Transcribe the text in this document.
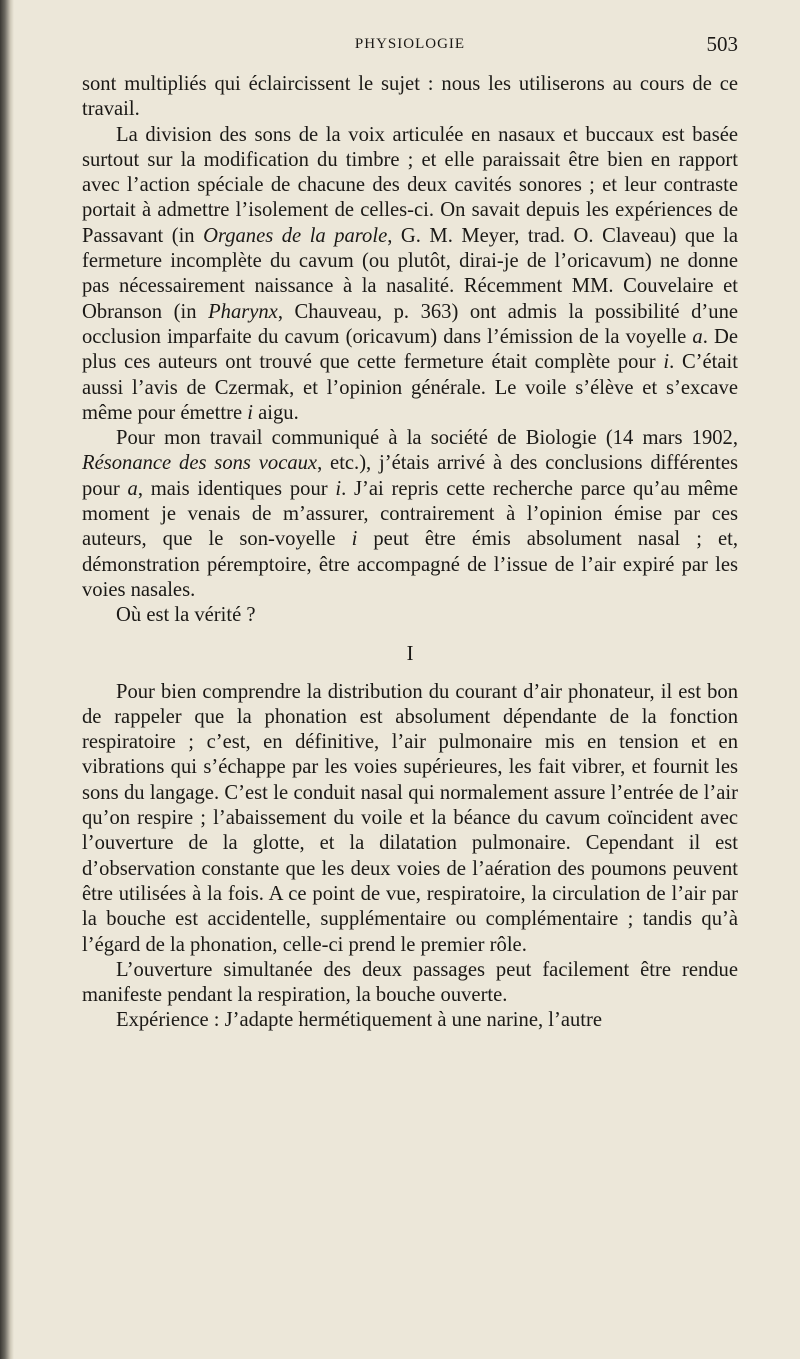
PHYSIOLOGIE	503

sont multipliés qui éclaircissent le sujet : nous les utiliserons au cours de ce travail.

La division des sons de la voix articulée en nasaux et buccaux est basée surtout sur la modification du timbre ; et elle paraissait être bien en rapport avec l’action spéciale de chacune des deux cavités sonores ; et leur contraste portait à admettre l’isolement de celles-ci. On savait depuis les expériences de Passavant (in Organes de la parole, G. M. Meyer, trad. O. Claveau) que la fermeture incomplète du cavum (ou plutôt, dirai-je de l’oricavum) ne donne pas nécessairement naissance à la nasalité. Récemment MM. Couvelaire et Obranson (in Pharynx, Chauveau, p. 363) ont admis la possibilité d’une occlusion imparfaite du cavum (oricavum) dans l’émission de la voyelle a. De plus ces auteurs ont trouvé que cette fermeture était complète pour i. C’était aussi l’avis de Czermak, et l’opinion générale. Le voile s’élève et s’excave même pour émettre i aigu.

Pour mon travail communiqué à la société de Biologie (14 mars 1902, Résonance des sons vocaux, etc.), j’étais arrivé à des conclusions différentes pour a, mais identiques pour i. J’ai repris cette recherche parce qu’au même moment je venais de m’assurer, contrairement à l’opinion émise par ces auteurs, que le son-voyelle i peut être émis absolument nasal ; et, démonstration péremptoire, être accompagné de l’issue de l’air expiré par les voies nasales.

Où est la vérité ?

I

Pour bien comprendre la distribution du courant d’air phonateur, il est bon de rappeler que la phonation est absolument dépendante de la fonction respiratoire ; c’est, en définitive, l’air pulmonaire mis en tension et en vibrations qui s’échappe par les voies supérieures, les fait vibrer, et fournit les sons du langage. C’est le conduit nasal qui normalement assure l’entrée de l’air qu’on respire ; l’abaissement du voile et la béance du cavum coïncident avec l’ouverture de la glotte, et la dilatation pulmonaire. Cependant il est d’observation constante que les deux voies de l’aération des poumons peuvent être utilisées à la fois. A ce point de vue, respiratoire, la circulation de l’air par la bouche est accidentelle, supplémentaire ou complémentaire ; tandis qu’à l’égard de la phonation, celle-ci prend le premier rôle.

L’ouverture simultanée des deux passages peut facilement être rendue manifeste pendant la respiration, la bouche ouverte.

Expérience : J’adapte hermétiquement à une narine, l’autre
